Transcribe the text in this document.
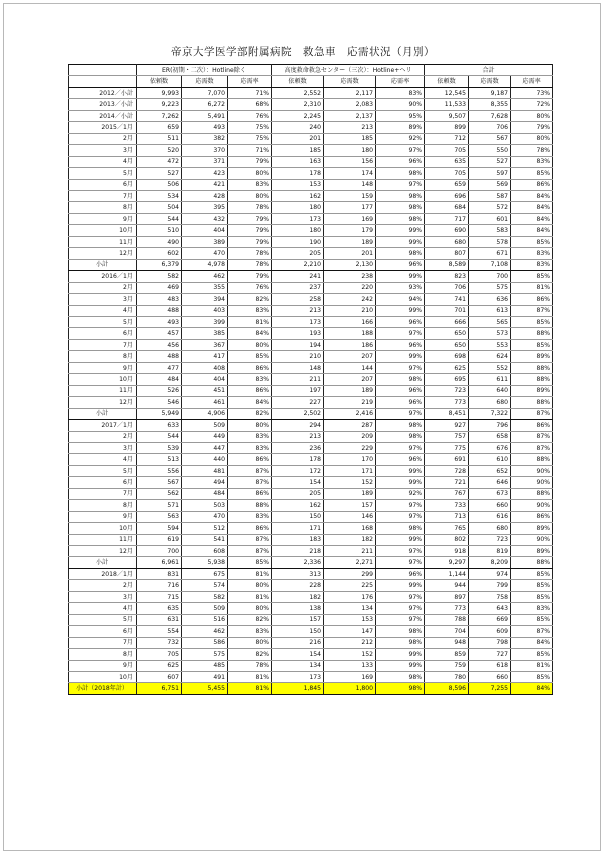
帝京大学医学部附属病院　救急車　応需状況（月別）
	ER(初期・二次）：Hotline除く			高度救命救急センター（三次）：Hotline+ヘリ			合計		
	依頼数	応需数	応需率	依頼数	応需数	応需率	依頼数	応需数	応需率
2012／小計	9,993	7,070	71%	2,552	2,117	83%	12,545	9,187	73%
2013／小計	9,223	6,272	68%	2,310	2,083	90%	11,533	8,355	72%
2014／小計	7,262	5,491	76%	2,245	2,137	95%	9,507	7,628	80%
2015／1月	659	493	75%	240	213	89%	899	706	79%
2月	511	382	75%	201	185	92%	712	567	80%
3月	520	370	71%	185	180	97%	705	550	78%
4月	472	371	79%	163	156	96%	635	527	83%
5月	527	423	80%	178	174	98%	705	597	85%
6月	506	421	83%	153	148	97%	659	569	86%
7月	534	428	80%	162	159	98%	696	587	84%
8月	504	395	78%	180	177	98%	684	572	84%
9月	544	432	79%	173	169	98%	717	601	84%
10月	510	404	79%	180	179	99%	690	583	84%
11月	490	389	79%	190	189	99%	680	578	85%
12月	602	470	78%	205	201	98%	807	671	83%
小計	6,379	4,978	78%	2,210	2,130	96%	8,589	7,108	83%
2016／1月	582	462	79%	241	238	99%	823	700	85%
2月	469	355	76%	237	220	93%	706	575	81%
3月	483	394	82%	258	242	94%	741	636	86%
4月	488	403	83%	213	210	99%	701	613	87%
5月	493	399	81%	173	166	96%	666	565	85%
6月	457	385	84%	193	188	97%	650	573	88%
7月	456	367	80%	194	186	96%	650	553	85%
8月	488	417	85%	210	207	99%	698	624	89%
9月	477	408	86%	148	144	97%	625	552	88%
10月	484	404	83%	211	207	98%	695	611	88%
11月	526	451	86%	197	189	96%	723	640	89%
12月	546	461	84%	227	219	96%	773	680	88%
小計	5,949	4,906	82%	2,502	2,416	97%	8,451	7,322	87%
2017／1月	633	509	80%	294	287	98%	927	796	86%
2月	544	449	83%	213	209	98%	757	658	87%
3月	539	447	83%	236	229	97%	775	676	87%
4月	513	440	86%	178	170	96%	691	610	88%
5月	556	481	87%	172	171	99%	728	652	90%
6月	567	494	87%	154	152	99%	721	646	90%
7月	562	484	86%	205	189	92%	767	673	88%
8月	571	503	88%	162	157	97%	733	660	90%
9月	563	470	83%	150	146	97%	713	616	86%
10月	594	512	86%	171	168	98%	765	680	89%
11月	619	541	87%	183	182	99%	802	723	90%
12月	700	608	87%	218	211	97%	918	819	89%
小計	6,961	5,938	85%	2,336	2,271	97%	9,297	8,209	88%
2018／1月	831	675	81%	313	299	96%	1,144	974	85%
2月	716	574	80%	228	225	99%	944	799	85%
3月	715	582	81%	182	176	97%	897	758	85%
4月	635	509	80%	138	134	97%	773	643	83%
5月	631	516	82%	157	153	97%	788	669	85%
6月	554	462	83%	150	147	98%	704	609	87%
7月	732	586	80%	216	212	98%	948	798	84%
8月	705	575	82%	154	152	99%	859	727	85%
9月	625	485	78%	134	133	99%	759	618	81%
10月	607	491	81%	173	169	98%	780	660	85%
小計（2018年計）	6,751	5,455	81%	1,845	1,800	98%	8,596	7,255	84%
